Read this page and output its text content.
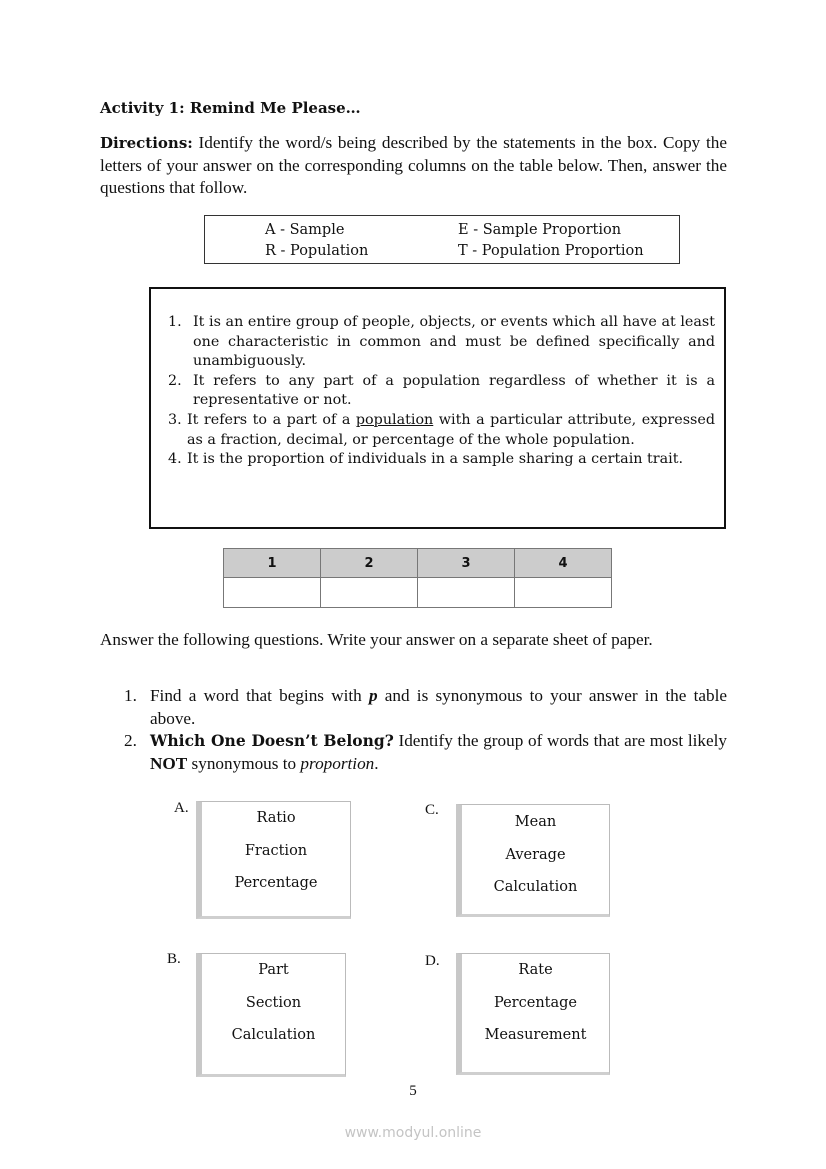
Activity 1: Remind Me Please…
Directions: Identify the word/s being described by the statements in the box. Copy the letters of your answer on the corresponding columns on the table below. Then, answer the questions that follow.
A - Sample
R - Population
E - Sample Proportion
T - Population Proportion
1. It is an entire group of people, objects, or events which all have at least one characteristic in common and must be defined specifically and unambiguously.
2. It refers to any part of a population regardless of whether it is a representative or not.
3. It refers to a part of a population with a particular attribute, expressed as a fraction, decimal, or percentage of the whole population.
4. It is the proportion of individuals in a sample sharing a certain trait.
1	2	3	4

Answer the following questions. Write your answer on a separate sheet of paper.
1. Find a word that begins with p and is synonymous to your answer in the table above.
2. Which One Doesn’t Belong? Identify the group of words that are most likely NOT synonymous to proportion.
A.
Ratio
Fraction
Percentage
C.
Mean
Average
Calculation
B.
Part
Section
Calculation
D.
Rate
Percentage
Measurement
5
www.modyul.online
